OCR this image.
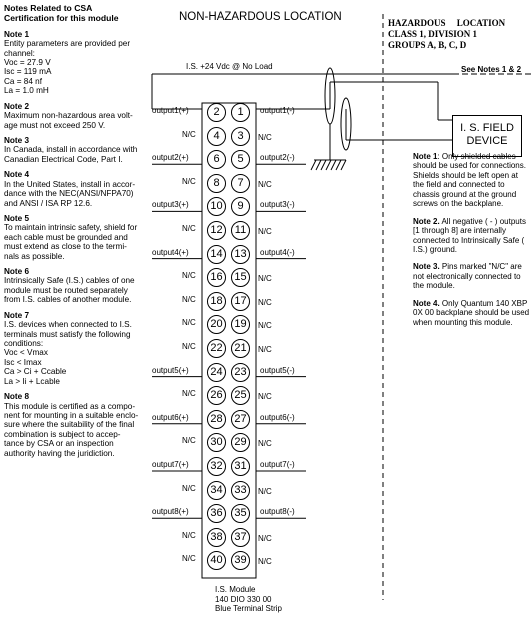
Notes Related to CSA
Certification for this module
Note 1
Entity parameters are provided per
channel:
Voc = 27.9 V
Isc = 119 mA
Ca = 84 nf
La = 1.0 mH
Note 2
Maximum non-hazardous area volt-
age must not exceed 250 V.
Note 3
In Canada, install in accordance with
Canadian Electrical Code, Part I.
Note 4
In the United States, install in accor-
dance with the NEC(ANSI/NFPA70)
and ANSI / ISA RP 12.6.
Note 5
To maintain intrinsic safety, shield for
each cable must be grounded and
must extend as close to the termi-
nals as possible.
Note 6
Intrinsically Safe (I.S.) cables of one
module must be routed separately
from I.S. cables of another module.
Note 7
I.S. devices when connected to I.S.
terminals must satisfy the following
conditions:
Voc < Vmax
Isc < Imax
Ca > Ci + Ccable
La > Ii + Lcable
Note 8
This module is certified as a compo-
nent for mounting in a suitable enclo-
sure where the suitability of the final
combination is subject to accep-
tance by CSA or an inspection
authority having the juridiction.
NON-HAZARDOUS LOCATION	HAZARDOUS     LOCATION
CLASS 1, DIVISION 1
GROUPS A, B, C, D
I.S. +24 Vdc @ No Load	See Notes 1 & 2
I. S. FIELD
DEVICE
2	1
output1(+)	output1(-)
4	3
N/C	N/C
6	5
output2(+)	output2(-)
8	7
N/C	N/C
10	9
output3(+)	output3(-)
12	11
N/C	N/C
14	13
output4(+)	output4(-)
16	15
N/C	N/C
18	17
N/C	N/C
20	19
N/C	N/C
22	21
N/C	N/C
24	23
output5(+)	output5(-)
26	25
N/C	N/C
28	27
output6(+)	output6(-)
30	29
N/C	N/C
32	31
output7(+)	output7(-)
34	33
N/C	N/C
36	35
output8(+)	output8(-)
38	37
N/C	N/C
40	39
N/C	N/C
I.S. Module
140 DIO 330 00
Blue Terminal Strip
Note 1: Only shielded cables should be used for connections. Shields should be left open at the field and connected to chassis ground at the ground screws on the backplane.
Note 2. All negative ( - ) outputs [1 through 8] are internally connected to Intrinsically Safe ( I.S.) ground.
Note 3. Pins marked "N/C" are not electronically connected to the module.
Note 4. Only Quantum 140 XBP 0X 00 backplane should be used when mounting this module.
